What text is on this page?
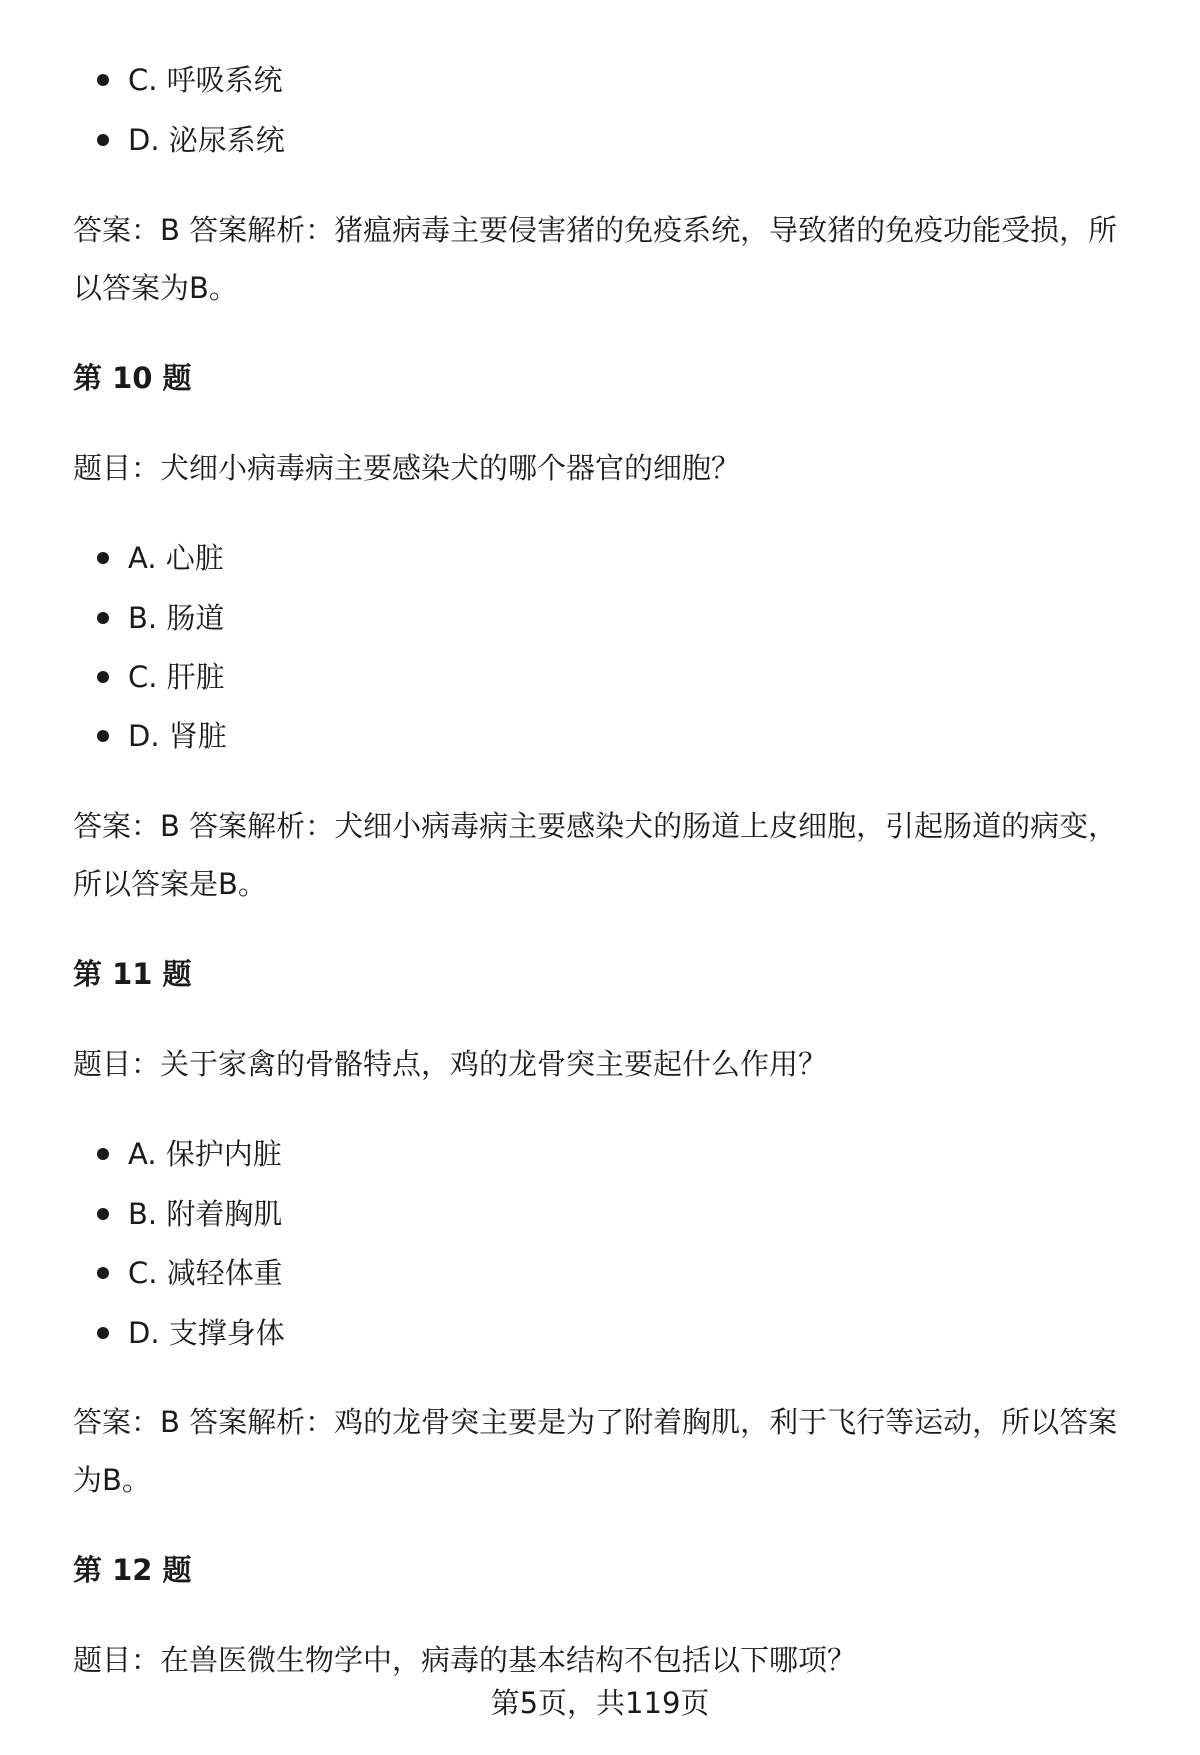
C. 呼吸系统
D. 泌尿系统
答案：B 答案解析：猪瘟病毒主要侵害猪的免疫系统，导致猪的免疫功能受损，所
以答案为B。
第 10 题
题目：犬细小病毒病主要感染犬的哪个器官的细胞？
A. 心脏
B. 肠道
C. 肝脏
D. 肾脏
答案：B 答案解析：犬细小病毒病主要感染犬的肠道上皮细胞，引起肠道的病变，
所以答案是B。
第 11 题
题目：关于家禽的骨骼特点，鸡的龙骨突主要起什么作用？
A. 保护内脏
B. 附着胸肌
C. 减轻体重
D. 支撑身体
答案：B 答案解析：鸡的龙骨突主要是为了附着胸肌，利于飞行等运动，所以答案
为B。
第 12 题
题目：在兽医微生物学中，病毒的基本结构不包括以下哪项？
第5页，共119页
